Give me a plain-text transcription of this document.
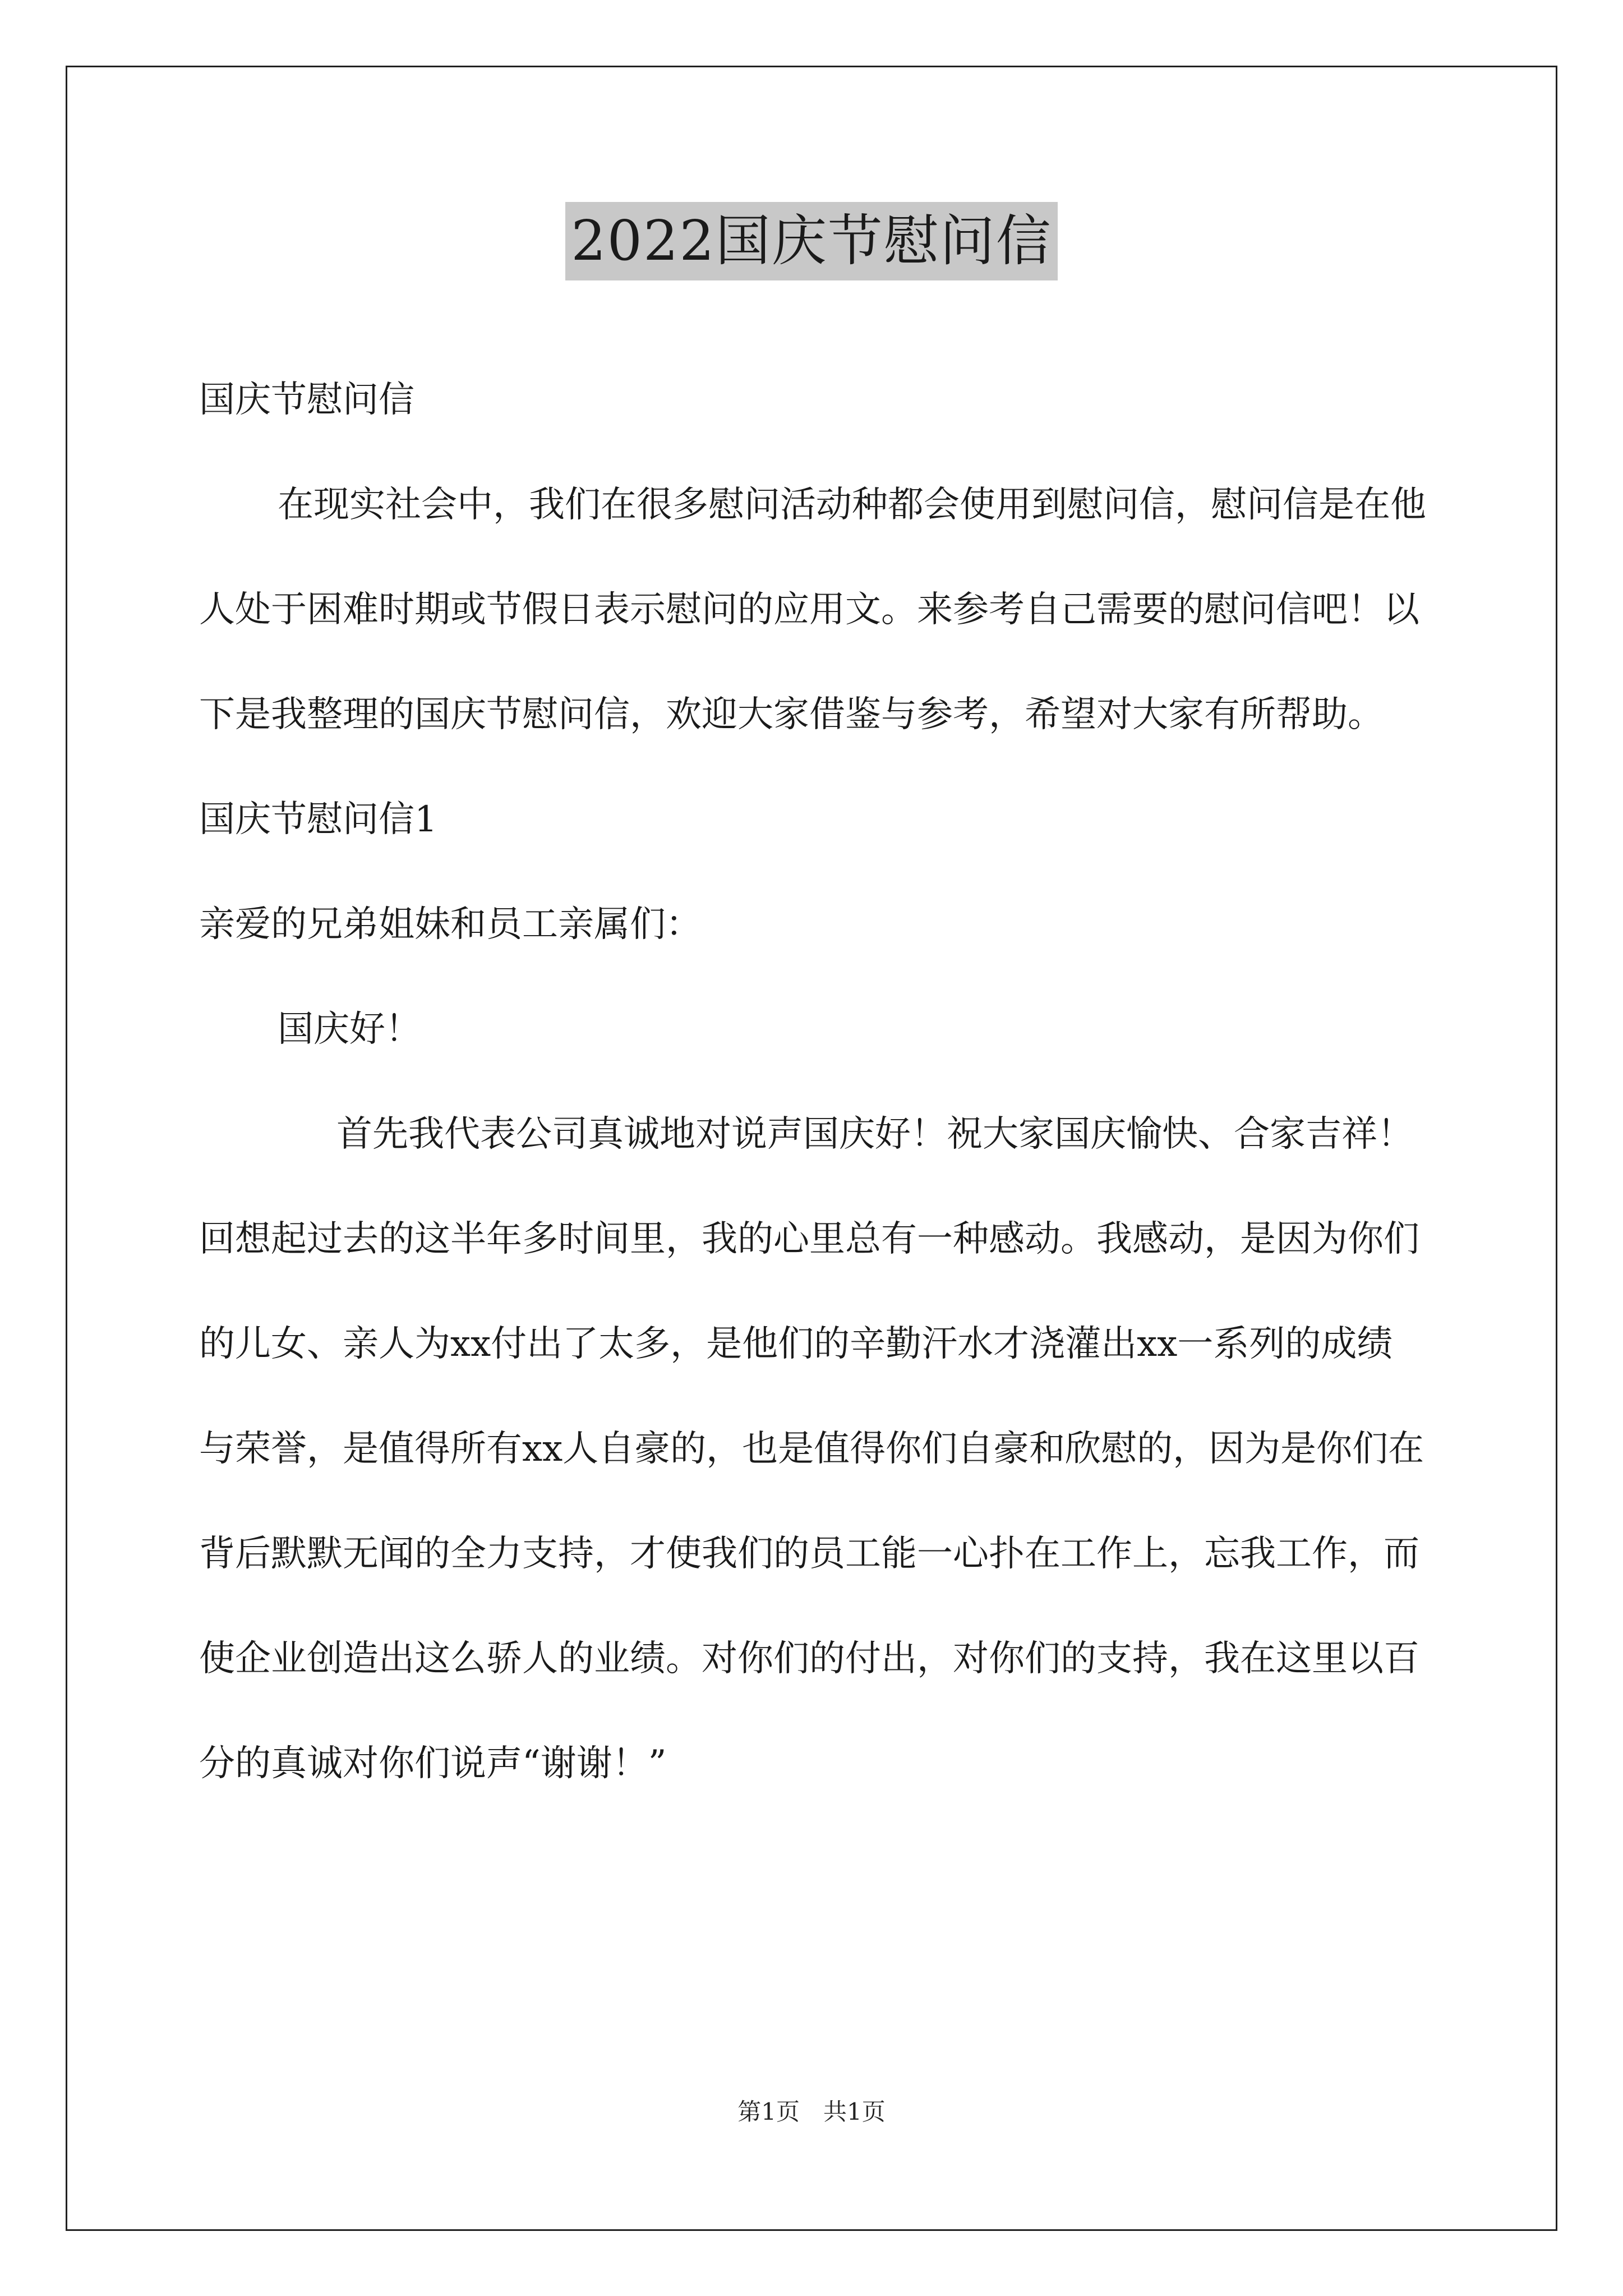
2022国庆节慰问信

国庆节慰问信

在现实社会中，我们在很多慰问活动种都会使用到慰问信，慰问信是在他人处于困难时期或节假日表示慰问的应用文。来参考自己需要的慰问信吧！以下是我整理的国庆节慰问信，欢迎大家借鉴与参考，希望对大家有所帮助。

国庆节慰问信1

亲爱的兄弟姐妹和员工亲属们：

国庆好！

首先我代表公司真诚地对说声国庆好！祝大家国庆愉快、合家吉祥！ 回想起过去的这半年多时间里，我的心里总有一种感动。我感动，是因为你们的儿女、亲人为xx付出了太多，是他们的辛勤汗水才浇灌出xx一系列的成绩与荣誉，是值得所有xx人自豪的，也是值得你们自豪和欣慰的，因为是你们在背后默默无闻的全力支持，才使我们的员工能一心扑在工作上，忘我工作，而使企业创造出这么骄人的业绩。对你们的付出，对你们的支持，我在这里以百分的真诚对你们说声“谢谢！”

第1页　共1页
